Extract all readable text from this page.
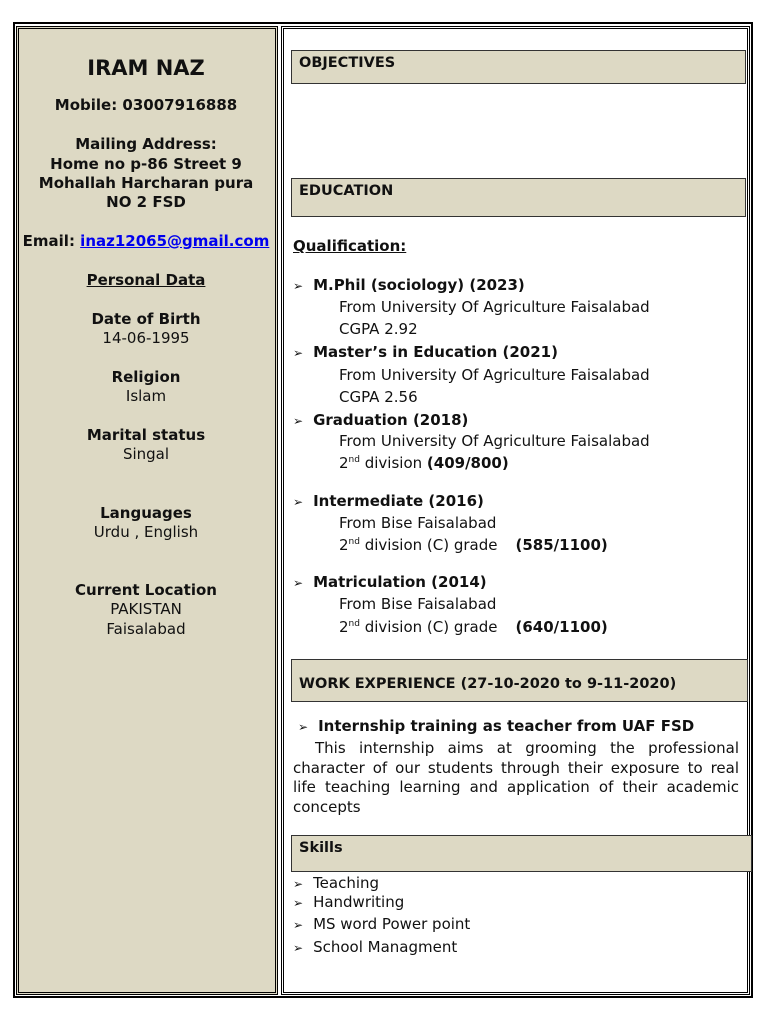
IRAM NAZ
Mobile: 03007916888
Mailing Address:
Home no p-86 Street 9
Mohallah Harcharan pura
NO 2 FSD
Email: inaz12065@gmail.com
Personal Data
Date of Birth
14-06-1995
Religion
Islam
Marital status
Singal
Languages
Urdu , English
Current Location
PAKISTAN
Faisalabad
OBJECTIVES
EDUCATION
Qualification:
➢ M.Phil (sociology) (2023)
From University Of Agriculture Faisalabad
CGPA 2.92
➢ Master’s in Education (2021)
From University Of Agriculture Faisalabad
CGPA 2.56
➢ Graduation (2018)
From University Of Agriculture Faisalabad
2nd division (409/800)
➢ Intermediate (2016)
From Bise Faisalabad
2nd division (C) grade (585/1100)
➢ Matriculation (2014)
From Bise Faisalabad
2nd division (C) grade (640/1100)
WORK EXPERIENCE (27-10-2020 to 9-11-2020)
➢ Internship training as teacher from UAF FSD
This internship aims at grooming the professional character of our students through their exposure to real life teaching learning and application of their academic concepts
Skills
➢ Teaching
➢ Handwriting
➢ MS word Power point
➢ School Managment
